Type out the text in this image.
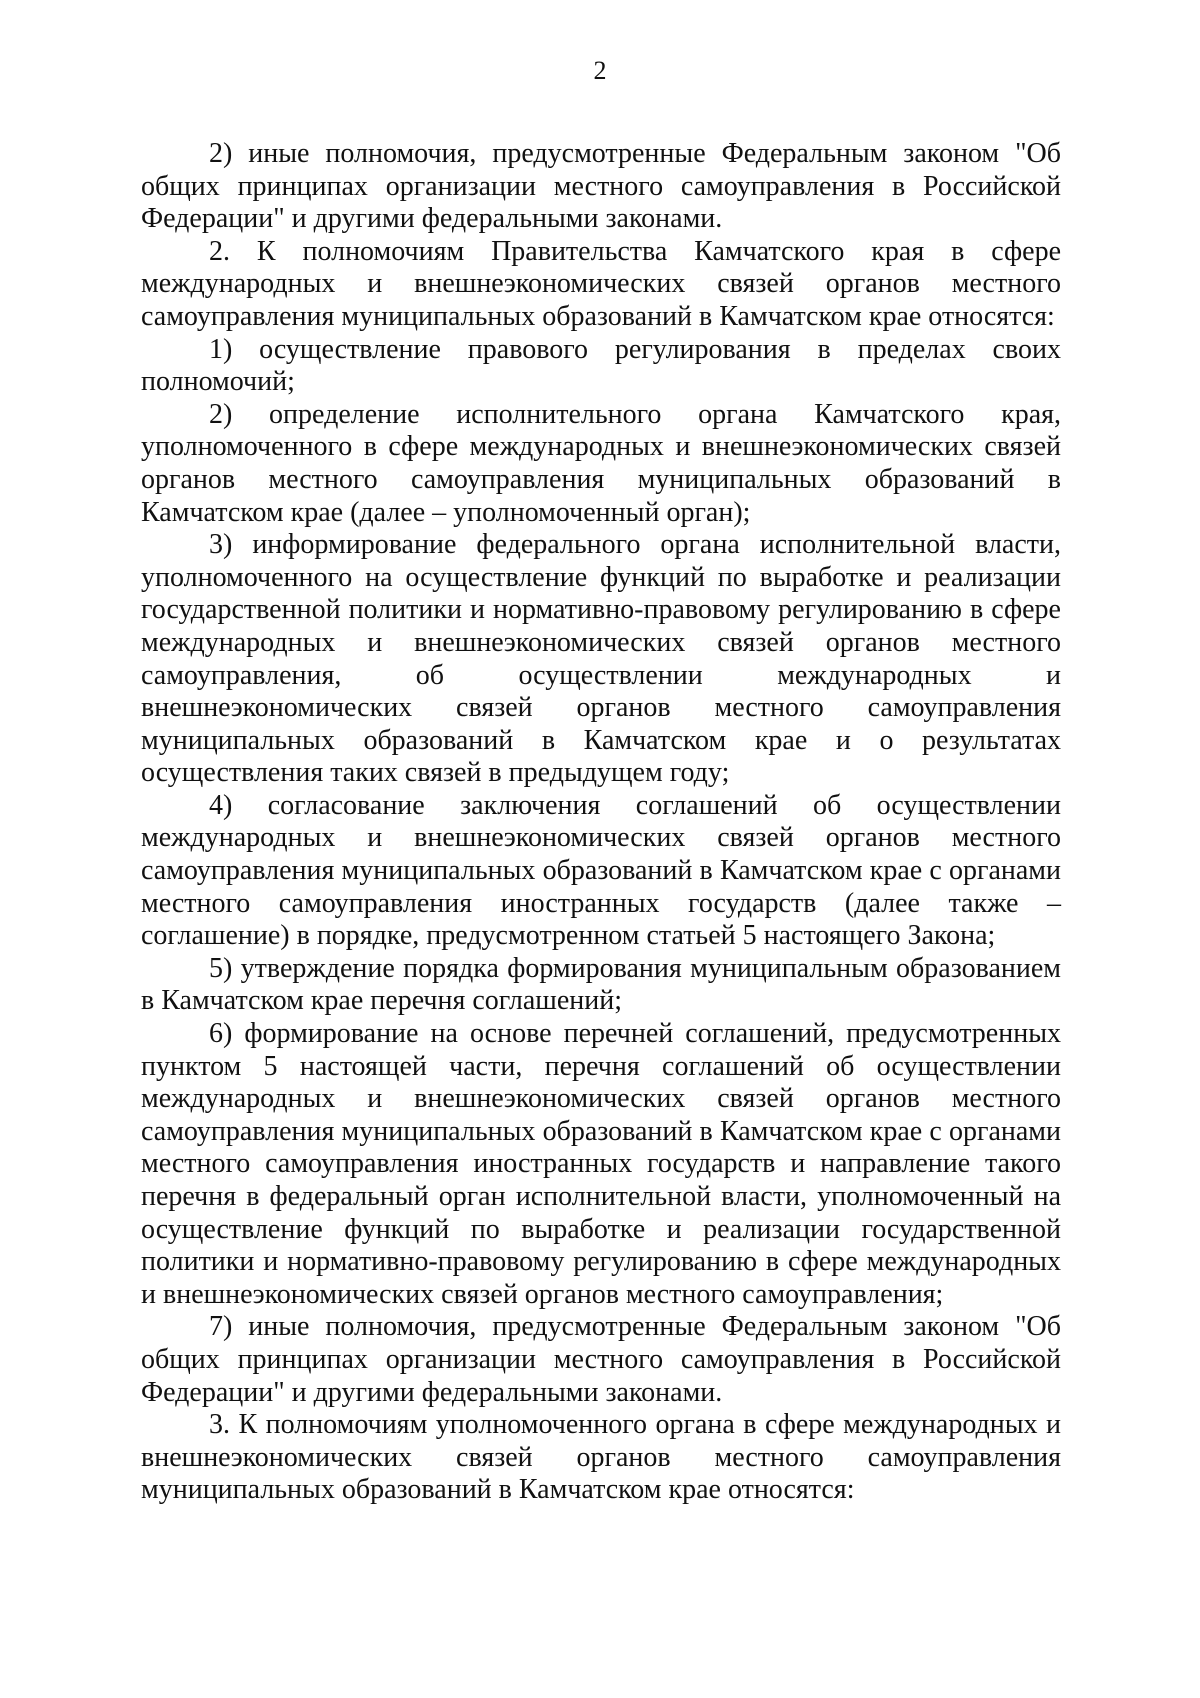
2

2) иные полномочия, предусмотренные Федеральным законом "Об общих принципах организации местного самоуправления в Российской Федерации" и другими федеральными законами.

2. К полномочиям Правительства Камчатского края в сфере международных и внешнеэкономических связей органов местного самоуправления муниципальных образований в Камчатском крае относятся:

1) осуществление правового регулирования в пределах своих полномочий;

2) определение исполнительного органа Камчатского края, уполномоченного в сфере международных и внешнеэкономических связей органов местного самоуправления муниципальных образований в Камчатском крае (далее – уполномоченный орган);

3) информирование федерального органа исполнительной власти, уполномоченного на осуществление функций по выработке и реализации государственной политики и нормативно-правовому регулированию в сфере международных и внешнеэкономических связей органов местного самоуправления, об осуществлении международных и внешнеэкономических связей органов местного самоуправления муниципальных образований в Камчатском крае и о результатах осуществления таких связей в предыдущем году;

4) согласование заключения соглашений об осуществлении международных и внешнеэкономических связей органов местного самоуправления муниципальных образований в Камчатском крае с органами местного самоуправления иностранных государств (далее также – соглашение) в порядке, предусмотренном статьей 5 настоящего Закона;

5) утверждение порядка формирования муниципальным образованием в Камчатском крае перечня соглашений;

6) формирование на основе перечней соглашений, предусмотренных пунктом 5 настоящей части, перечня соглашений об осуществлении международных и внешнеэкономических связей органов местного самоуправления муниципальных образований в Камчатском крае с органами местного самоуправления иностранных государств и направление такого перечня в федеральный орган исполнительной власти, уполномоченный на осуществление функций по выработке и реализации государственной политики и нормативно-правовому регулированию в сфере международных и внешнеэкономических связей органов местного самоуправления;

7) иные полномочия, предусмотренные Федеральным законом "Об общих принципах организации местного самоуправления в Российской Федерации" и другими федеральными законами.

3. К полномочиям уполномоченного органа в сфере международных и внешнеэкономических связей органов местного самоуправления муниципальных образований в Камчатском крае относятся:
